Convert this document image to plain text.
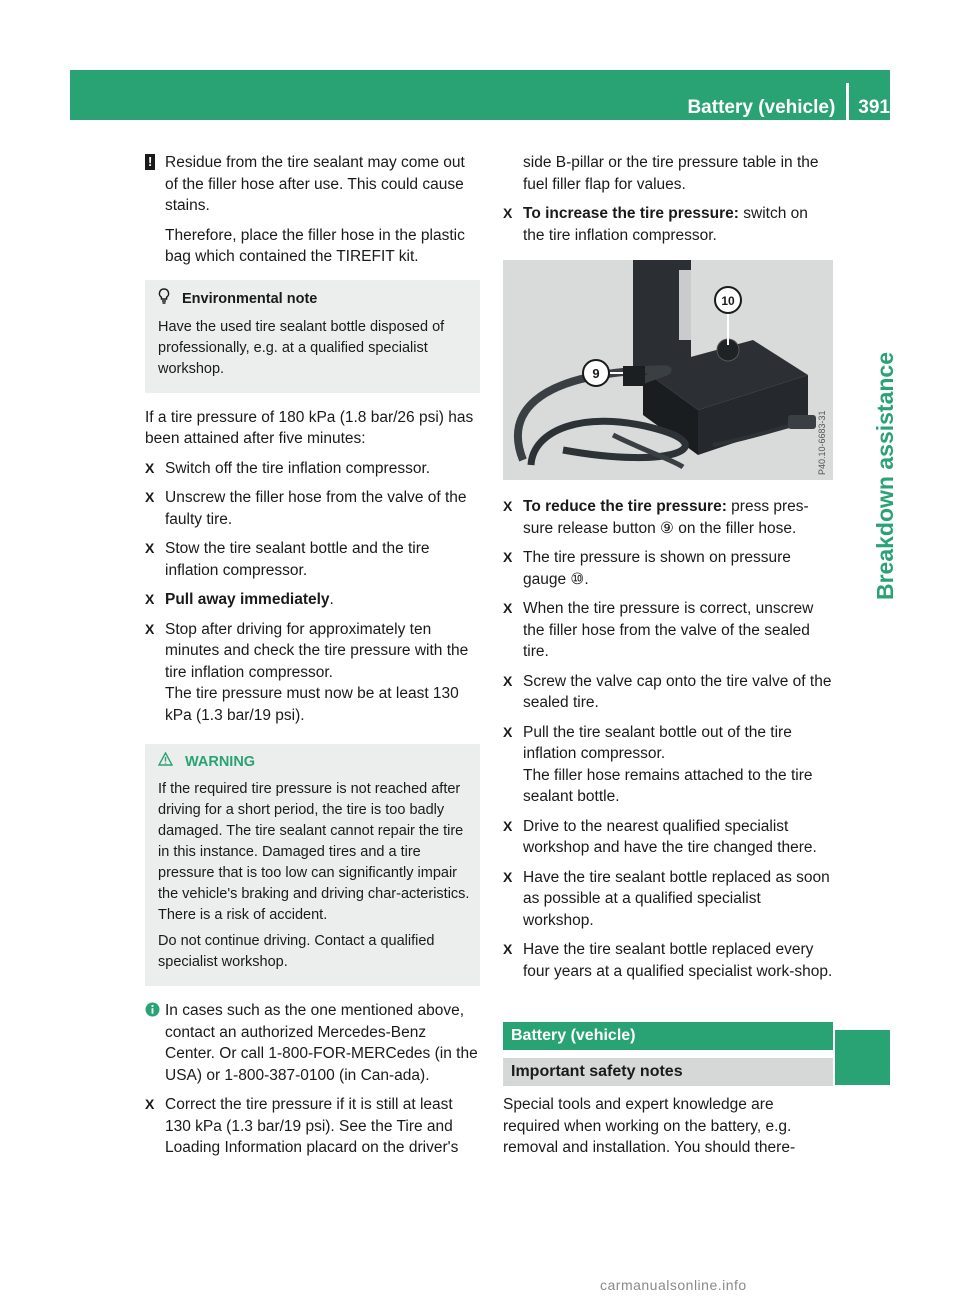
Battery (vehicle) 391
Breakdown assistance

! Residue from the tire sealant may come out of the filler hose after use. This could cause stains.

Therefore, place the filler hose in the plastic bag which contained the TIREFIT kit.

Environmental note

Have the used tire sealant bottle disposed of professionally, e.g. at a qualified specialist workshop.

If a tire pressure of 180 kPa (1.8 bar/26 psi) has been attained after five minutes:

X Switch off the tire inflation compressor.

X Unscrew the filler hose from the valve of the faulty tire.

X Stow the tire sealant bottle and the tire inflation compressor.

X Pull away immediately.

X Stop after driving for approximately ten minutes and check the tire pressure with the tire inflation compressor.

The tire pressure must now be at least 130 kPa (1.3 bar/19 psi).

WARNING

If the required tire pressure is not reached after driving for a short period, the tire is too badly damaged. The tire sealant cannot repair the tire in this instance. Damaged tires and a tire pressure that is too low can significantly impair the vehicle's braking and driving char-acteristics. There is a risk of accident.

Do not continue driving. Contact a qualified specialist workshop.

In cases such as the one mentioned above, contact an authorized Mercedes-Benz Center. Or call 1-800-FOR-MERCedes (in the USA) or 1-800-387-0100 (in Can-ada).

X Correct the tire pressure if it is still at least 130 kPa (1.3 bar/19 psi). See the Tire and Loading Information placard on the driver's

side B-pillar or the tire pressure table in the fuel filler flap for values.

X To increase the tire pressure: switch on the tire inflation compressor.

9
10
P40.10-6683-31

X To reduce the tire pressure: press pres-sure release button ⑨ on the filler hose.

X The tire pressure is shown on pressure gauge ⑩.

X When the tire pressure is correct, unscrew the filler hose from the valve of the sealed tire.

X Screw the valve cap onto the tire valve of the sealed tire.

X Pull the tire sealant bottle out of the tire inflation compressor.

The filler hose remains attached to the tire sealant bottle.

X Drive to the nearest qualified specialist workshop and have the tire changed there.

X Have the tire sealant bottle replaced as soon as possible at a qualified specialist workshop.

X Have the tire sealant bottle replaced every four years at a qualified specialist work-shop.

Battery (vehicle)
Important safety notes

Special tools and expert knowledge are required when working on the battery, e.g. removal and installation. You should there-

carmanualsonline.info
